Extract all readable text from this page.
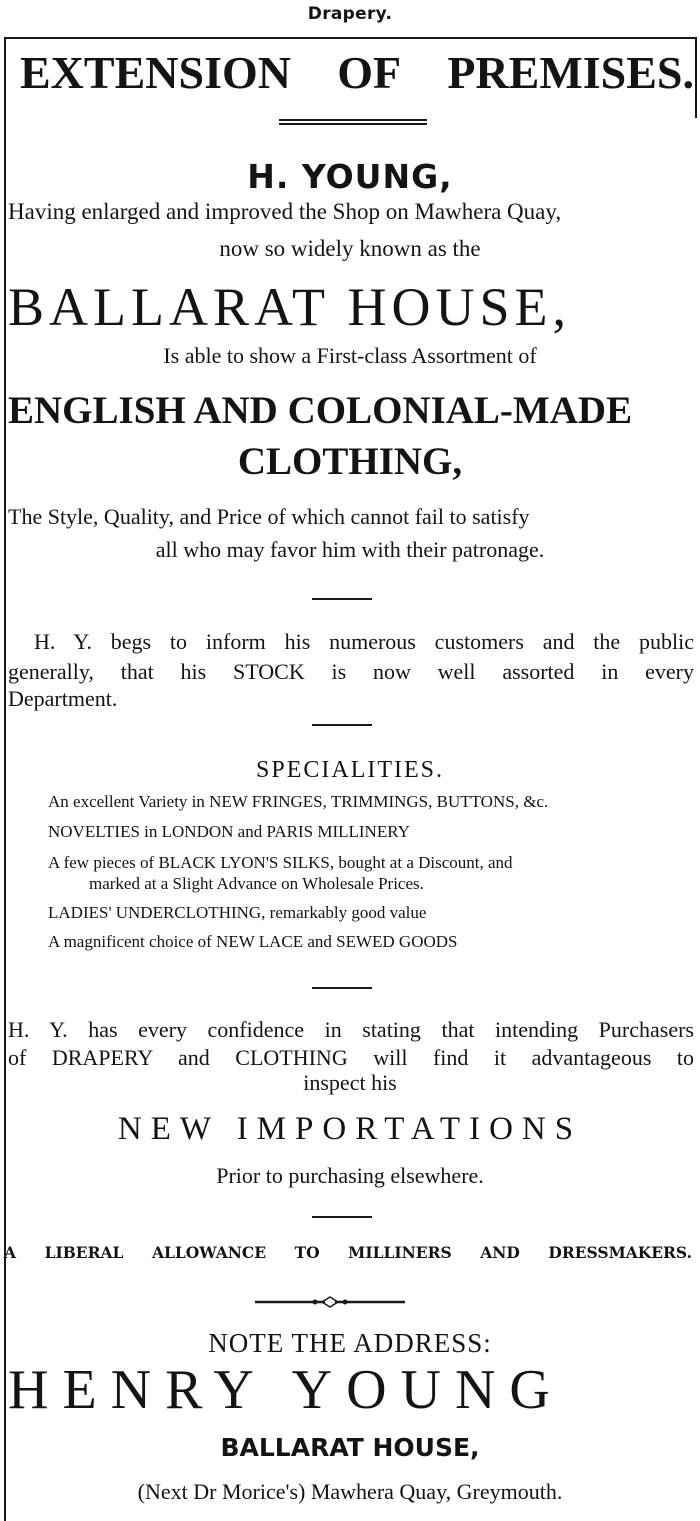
Drapery.
EXTENSION OF PREMISES.
H. YOUNG,
Having enlarged and improved the Shop on Mawhera Quay,
now so widely known as the
BALLARAT HOUSE,
Is able to show a First-class Assortment of
ENGLISH AND COLONIAL-MADE
CLOTHING,
The Style, Quality, and Price of which cannot fail to satisfy
all who may favor him with their patronage.
H. Y. begs to inform his numerous customers and the public
generally, that his STOCK is now well assorted in every
Department.
SPECIALITIES.
An excellent Variety in NEW FRINGES, TRIMMINGS, BUTTONS, &c.
NOVELTIES in LONDON and PARIS MILLINERY
A few pieces of BLACK LYON'S SILKS, bought at a Discount, and
marked at a Slight Advance on Wholesale Prices.
LADIES' UNDERCLOTHING, remarkably good value
A magnificent choice of NEW LACE and SEWED GOODS
H. Y. has every confidence in stating that intending Purchasers
of DRAPERY and CLOTHING will find it advantageous to
inspect his
NEW IMPORTATIONS
Prior to purchasing elsewhere.
A LIBERAL ALLOWANCE TO MILLINERS AND DRESSMAKERS.
NOTE THE ADDRESS:
HENRY YOUNG
BALLARAT HOUSE,
(Next Dr Morice's) Mawhera Quay, Greymouth.
